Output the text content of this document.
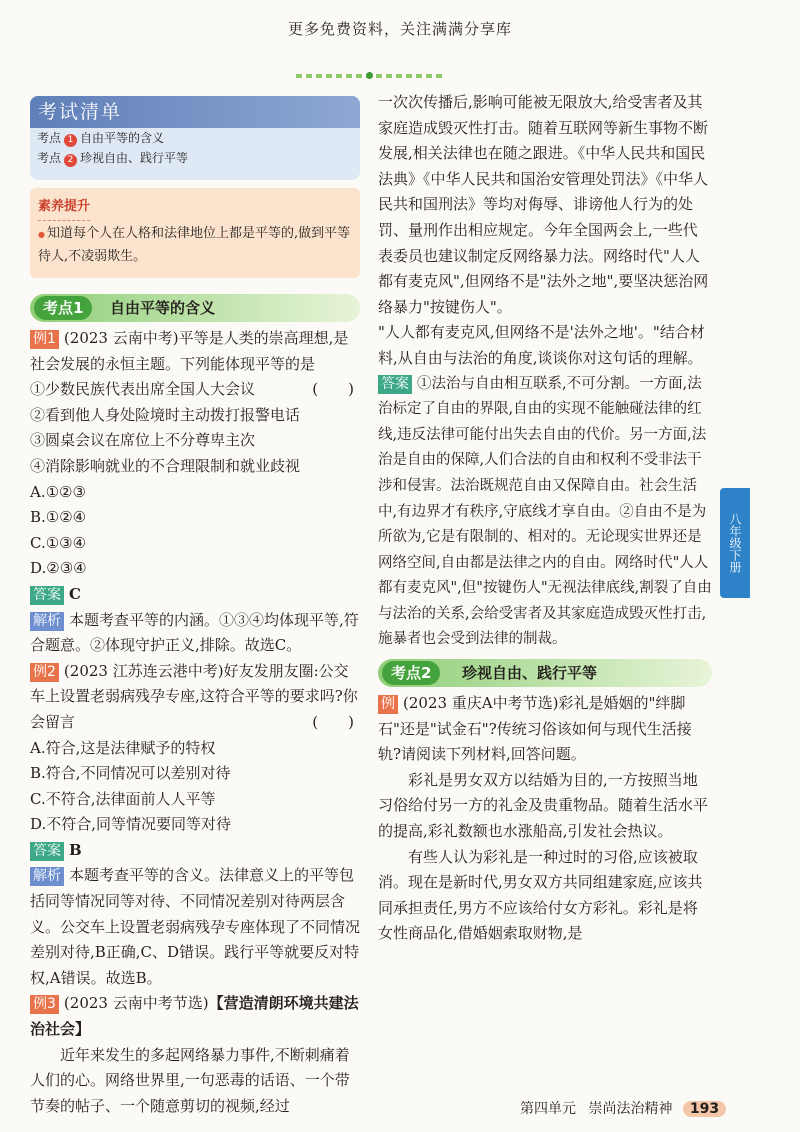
更多免费资料，关注满满分享库
考试清单
考点 1 自由平等的含义
考点 2 珍视自由、践行平等
素养提升
● 知道每个人在人格和法律地位上都是平等的,做到平等待人,不凌弱欺生。
考点1	自由平等的含义
例1 (2023 云南中考)平等是人类的崇高理想,是社会发展的永恒主题。下列能体现平等的是
(　　)
①少数民族代表出席全国人大会议
②看到他人身处险境时主动拨打报警电话
③圆桌会议在席位上不分尊卑主次
④消除影响就业的不合理限制和就业歧视
A.①②③B.①②④
C.①③④D.②③④
答案 C
解析 本题考查平等的内涵。①③④均体现平等,符合题意。②体现守护正义,排除。故选C。
例2 (2023 江苏连云港中考)好友发朋友圈:公交车上设置老弱病残孕专座,这符合平等的要求吗?你会留言	(　　)
A.符合,这是法律赋予的特权
B.符合,不同情况可以差别对待
C.不符合,法律面前人人平等
D.不符合,同等情况要同等对待
答案 B
解析 本题考查平等的含义。法律意义上的平等包括同等情况同等对待、不同情况差别对待两层含义。公交车上设置老弱病残孕专座体现了不同情况差别对待,B正确,C、D错误。践行平等就要反对特权,A错误。故选B。
例3 (2023 云南中考节选)【营造清朗环境共建法治社会】
近年来发生的多起网络暴力事件,不断刺痛着人们的心。网络世界里,一句恶毒的话语、一个带节奏的帖子、一个随意剪切的视频,经过
一次次传播后,影响可能被无限放大,给受害者及其家庭造成毁灭性打击。随着互联网等新生事物不断发展,相关法律也在随之跟进。《中华人民共和国民法典》《中华人民共和国治安管理处罚法》《中华人民共和国刑法》等均对侮辱、诽谤他人行为的处罚、量刑作出相应规定。今年全国两会上,一些代表委员也建议制定反网络暴力法。网络时代"人人都有麦克风",但网络不是"法外之地",要坚决惩治网络暴力"按键伤人"。
"人人都有麦克风,但网络不是'法外之地'。"结合材料,从自由与法治的角度,谈谈你对这句话的理解。
答案 ①法治与自由相互联系,不可分割。一方面,法治标定了自由的界限,自由的实现不能触碰法律的红线,违反法律可能付出失去自由的代价。另一方面,法治是自由的保障,人们合法的自由和权利不受非法干涉和侵害。法治既规范自由又保障自由。社会生活中,有边界才有秩序,守底线才享自由。②自由不是为所欲为,它是有限制的、相对的。无论现实世界还是网络空间,自由都是法律之内的自由。网络时代"人人都有麦克风",但"按键伤人"无视法律底线,割裂了自由与法治的关系,会给受害者及其家庭造成毁灭性打击,施暴者也会受到法律的制裁。
考点2	珍视自由、践行平等
例 (2023 重庆A中考节选)彩礼是婚姻的"绊脚石"还是"试金石"?传统习俗该如何与现代生活接轨?请阅读下列材料,回答问题。
彩礼是男女双方以结婚为目的,一方按照当地习俗给付另一方的礼金及贵重物品。随着生活水平的提高,彩礼数额也水涨船高,引发社会热议。
有些人认为彩礼是一种过时的习俗,应该被取消。现在是新时代,男女双方共同组建家庭,应该共同承担责任,男方不应该给付女方彩礼。彩礼是将女性商品化,借婚姻索取财物,是
八年级下册
第四单元 崇尚法治精神 193
